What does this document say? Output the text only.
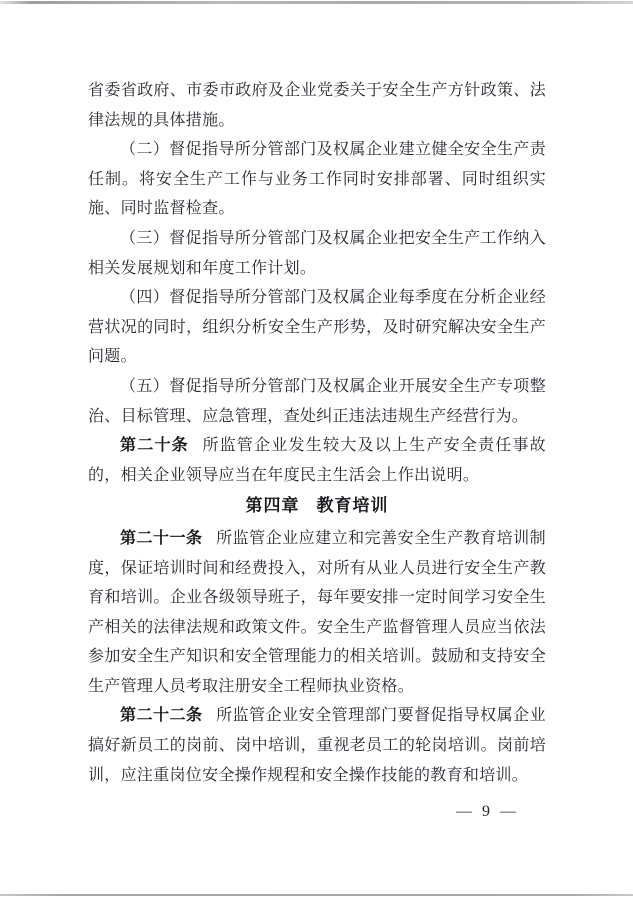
省委省政府、市委市政府及企业党委关于安全生产方针政策、法律法规的具体措施。

（二）督促指导所分管部门及权属企业建立健全安全生产责任制。将安全生产工作与业务工作同时安排部署、同时组织实施、同时监督检查。

（三）督促指导所分管部门及权属企业把安全生产工作纳入相关发展规划和年度工作计划。

（四）督促指导所分管部门及权属企业每季度在分析企业经营状况的同时，组织分析安全生产形势，及时研究解决安全生产问题。

（五）督促指导所分管部门及权属企业开展安全生产专项整治、目标管理、应急管理，查处纠正违法违规生产经营行为。

第二十条 所监管企业发生较大及以上生产安全责任事故的，相关企业领导应当在年度民主生活会上作出说明。

第四章 教育培训

第二十一条 所监管企业应建立和完善安全生产教育培训制度，保证培训时间和经费投入，对所有从业人员进行安全生产教育和培训。企业各级领导班子，每年要安排一定时间学习安全生产相关的法律法规和政策文件。安全生产监督管理人员应当依法参加安全生产知识和安全管理能力的相关培训。鼓励和支持安全生产管理人员考取注册安全工程师执业资格。

第二十二条 所监管企业安全管理部门要督促指导权属企业搞好新员工的岗前、岗中培训，重视老员工的轮岗培训。岗前培训，应注重岗位安全操作规程和安全操作技能的教育和培训。

— 9 —
